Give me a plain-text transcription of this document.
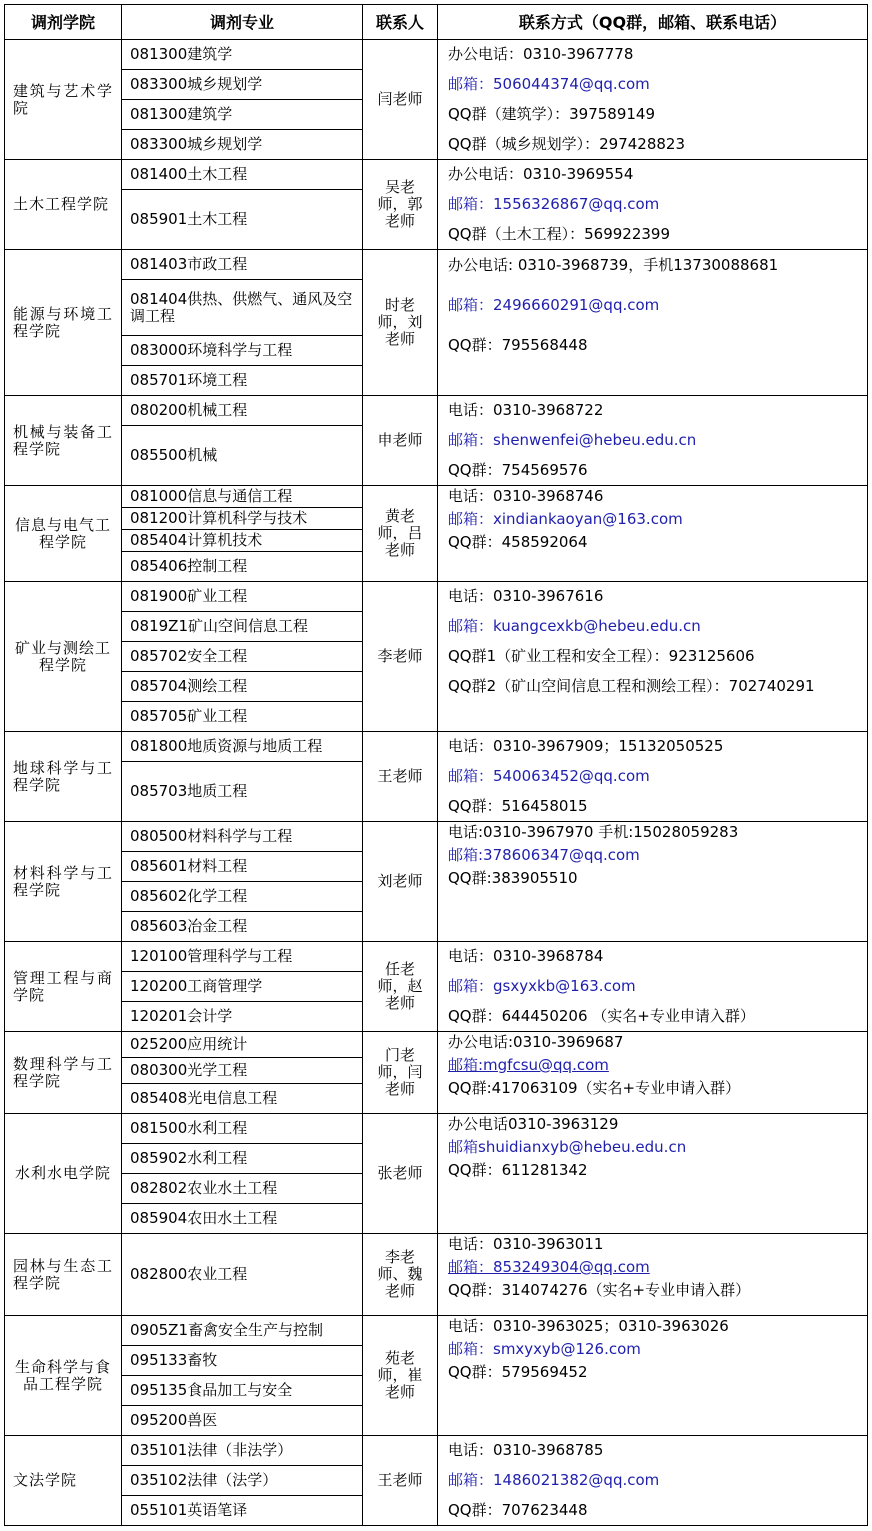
调剂学院	调剂专业	联系人	联系方式（QQ群，邮箱、联系电话）
建筑与艺术学院	081300建筑学	闫老师	办公电话：0310-3967778
邮箱：506044374@qq.com
QQ群（建筑学）：397589149
QQ群（城乡规划学）：297428823

	083300城乡规划学		
	081300建筑学		
	083300城乡规划学		
土木工程学院	081400土木工程	吴老师，郭老师	办公电话：0310-3969554
邮箱：1556326867@qq.com
QQ群（土木工程）：569922399

	085901土木工程		
能源与环境工程学院	081403市政工程	时老师，刘老师	办公电话: 0310-3968739，手机13730088681
邮箱：2496660291@qq.com
QQ群：795568448

	081404供热、供燃气、通风及空调工程		
	083000环境科学与工程		
	085701环境工程		
机械与装备工程学院	080200机械工程	申老师	电话：0310-3968722
邮箱：shenwenfei@hebeu.edu.cn
QQ群：754569576

	085500机械		
信息与电气工程学院	081000信息与通信工程	黄老师，吕老师	电话：0310-3968746
邮箱：xindiankaoyan@163.com
QQ群：458592064

	081200计算机科学与技术		
	085404计算机技术		
	085406控制工程		
矿业与测绘工程学院	081900矿业工程	李老师	电话：0310-3967616
邮箱：kuangcexkb@hebeu.edu.cn
QQ群1（矿业工程和安全工程）：923125606
QQ群2（矿山空间信息工程和测绘工程）：702740291

	0819Z1矿山空间信息工程		
	085702安全工程		
	085704测绘工程		
	085705矿业工程		
地球科学与工程学院	081800地质资源与地质工程	王老师	电话：0310-3967909；15132050525
邮箱：540063452@qq.com
QQ群：516458015

	085703地质工程		
材料科学与工程学院	080500材料科学与工程	刘老师	电话:0310-3967970 手机:15028059283
邮箱:378606347@qq.com
QQ群:383905510

	085601材料工程		
	085602化学工程		
	085603冶金工程		
管理工程与商学院	120100管理科学与工程	任老师，赵老师	电话：0310-3968784
邮箱：gsxyxkb@163.com
QQ群：644450206 （实名+专业申请入群）

	120200工商管理学		
	120201会计学		
数理科学与工程学院	025200应用统计	门老师，闫老师	办公电话:0310-3969687
邮箱:mgfcsu@qq.com
QQ群:417063109（实名+专业申请入群）

	080300光学工程		
	085408光电信息工程		
水利水电学院	081500水利工程	张老师	办公电话0310-3963129
邮箱shuidianxyb@hebeu.edu.cn
QQ群：611281342

	085902水利工程		
	082802农业水土工程		
	085904农田水土工程		
园林与生态工程学院	082800农业工程	李老师、魏老师	电话：0310-3963011
邮箱：853249304@qq.com
QQ群：314074276（实名+专业申请入群）

生命科学与食品工程学院	0905Z1畜禽安全生产与控制	苑老师，崔老师	电话：0310-3963025；0310-3963026
邮箱：smxyxyb@126.com
QQ群：579569452

	095133畜牧		
	095135食品加工与安全		
	095200兽医		
文法学院	035101法律（非法学）	王老师	电话：0310-3968785
邮箱：1486021382@qq.com
QQ群：707623448

	035102法律（法学）		
	055101英语笔译		
